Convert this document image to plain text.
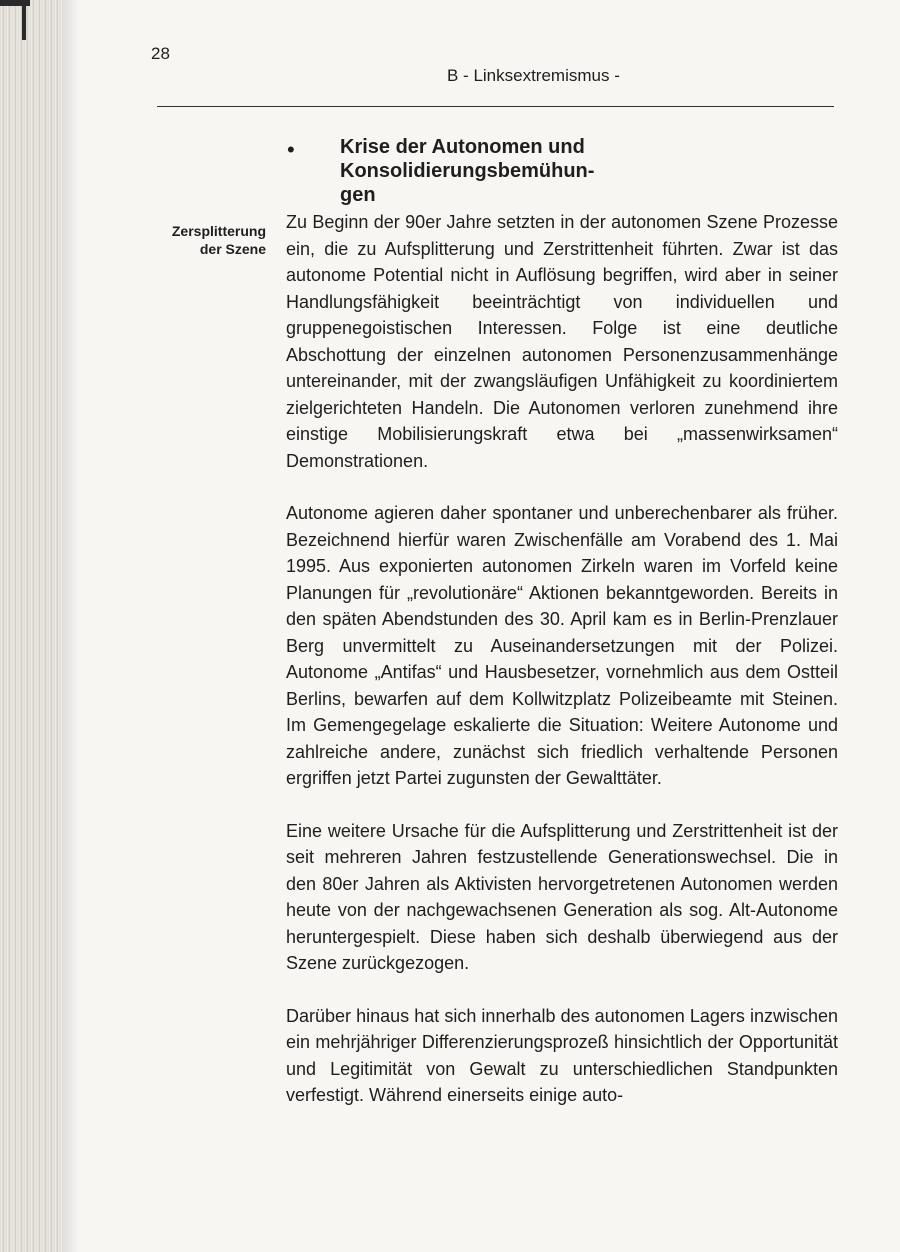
28
B - Linksextremismus -
• Krise der Autonomen und Konsolidierungsbemühun-
gen
Zersplitterung
der Szene

Zu Beginn der 90er Jahre setzten in der autonomen Szene Prozesse ein, die zu Aufsplitterung und Zerstrittenheit führten. Zwar ist das autonome Potential nicht in Auflösung begriffen, wird aber in seiner Handlungsfähigkeit beeinträchtigt von individuellen und gruppenegoistischen Interessen. Folge ist eine deutliche Abschottung der einzelnen autonomen Personenzusammenhänge untereinander, mit der zwangsläufigen Unfähigkeit zu koordiniertem zielgerichteten Handeln. Die Autonomen verloren zunehmend ihre einstige Mobilisierungskraft etwa bei „massenwirksamen“ Demonstrationen.

Autonome agieren daher spontaner und unberechenbarer als früher. Bezeichnend hierfür waren Zwischenfälle am Vorabend des 1. Mai 1995. Aus exponierten autonomen Zirkeln waren im Vorfeld keine Planungen für „revolutionäre“ Aktionen bekanntgeworden. Bereits in den späten Abendstunden des 30. April kam es in Berlin-Prenzlauer Berg unvermittelt zu Auseinandersetzungen mit der Polizei. Autonome „Antifas“ und Hausbesetzer, vornehmlich aus dem Ostteil Berlins, bewarfen auf dem Kollwitzplatz Polizeibeamte mit Steinen. Im Gemengegelage eskalierte die Situation: Weitere Autonome und zahlreiche andere, zunächst sich friedlich verhaltende Personen ergriffen jetzt Partei zugunsten der Gewalttäter.

Eine weitere Ursache für die Aufsplitterung und Zerstrittenheit ist der seit mehreren Jahren festzustellende Generationswechsel. Die in den 80er Jahren als Aktivisten hervorgetretenen Autonomen werden heute von der nachgewachsenen Generation als sog. Alt-Autonome heruntergespielt. Diese haben sich deshalb überwiegend aus der Szene zurückgezogen.

Darüber hinaus hat sich innerhalb des autonomen Lagers inzwischen ein mehrjähriger Differenzierungsprozeß hinsichtlich der Opportunität und Legitimität von Gewalt zu unterschiedlichen Standpunkten verfestigt. Während einerseits einige auto-
